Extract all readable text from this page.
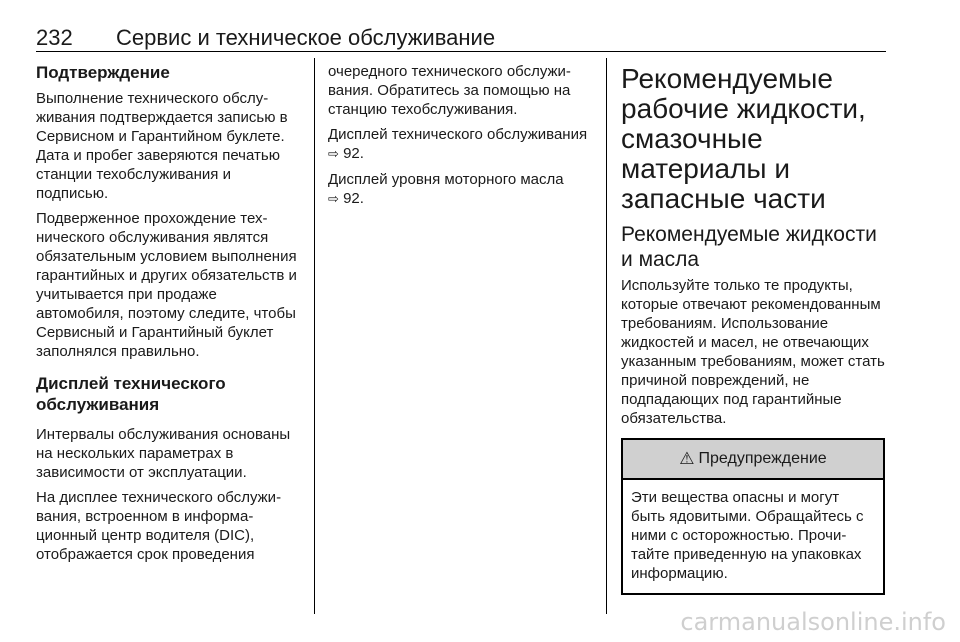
232 Сервис и техническое обслуживание
Подтверждение

Выполнение технического обслуживания подтверждается записью в Сервисном и Гарантийном буклете. Дата и пробег заверяются печатью станции техобслуживания и подписью.

Подверженное прохождение технического обслуживания являтся обязательным условием выполнения гарантийных и других обязательств и учитывается при продаже автомобиля, поэтому следите, чтобы Сервисный и Гарантийный буклет заполнялся правильно.

Дисплей технического обслуживания

Интервалы обслуживания основаны на нескольких параметрах в зависимости от эксплуатации.

На дисплее технического обслуживания, встроенном в информационный центр водителя (DIC), отображается срок проведения

очередного технического обслуживания. Обратитесь за помощью на станцию техобслуживания.

Дисплей технического обслуживания ⇨ 92.

Дисплей уровня моторного масла
⇨ 92.

Рекомендуемые рабочие жидкости, смазочные материалы и запасные части
Рекомендуемые жидкости и масла

Используйте только те продукты, которые отвечают рекомендованным требованиям. Использование жидкостей и масел, не отвечающих указанным требованиям, может стать причиной повреждений, не подпадающих под гарантийные обязательства.

⚠ Предупреждение

Эти вещества опасны и могут быть ядовитыми. Обращайтесь с ними с осторожностью. Прочитайте приведенную на упаковках информацию.

carmanualsonline.info
